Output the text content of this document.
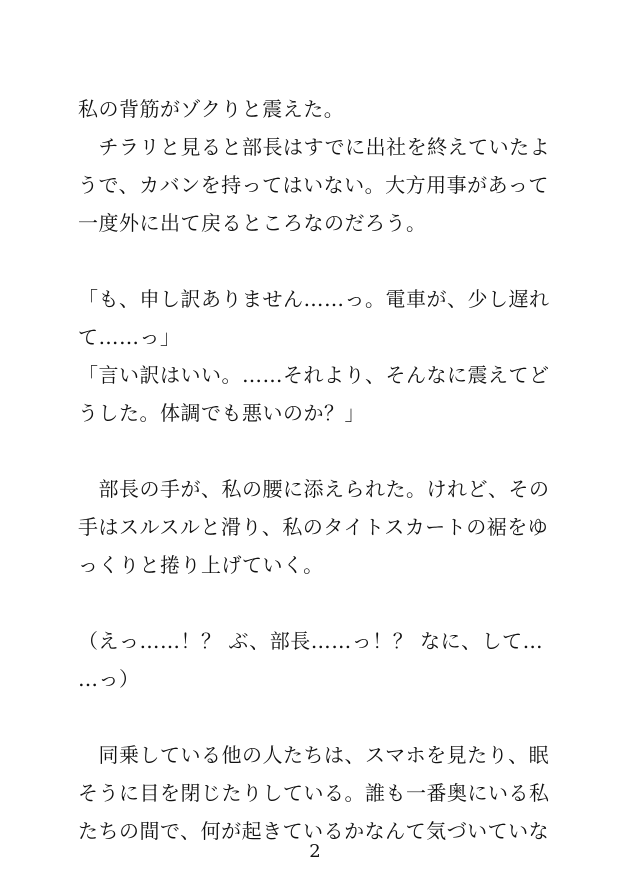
私の背筋がゾクりと震えた。
　チラリと見ると部長はすでに出社を終えていたよ
うで、カバンを持ってはいない。大方用事があって
一度外に出て戻るところなのだろう。
「も、申し訳ありません……っ。電車が、少し遅れ
て……っ」
「言い訳はいい。……それより、そんなに震えてど
うした。体調でも悪いのか？」
　部長の手が、私の腰に添えられた。けれど、その
手はスルスルと滑り、私のタイトスカートの裾をゆ
っくりと捲り上げていく。
（えっ……！？ ぶ、部長……っ！？ なに、して…
…っ）
　同乗している他の人たちは、スマホを見たり、眠
そうに目を閉じたりしている。誰も一番奥にいる私
たちの間で、何が起きているかなんて気づいていな
2
